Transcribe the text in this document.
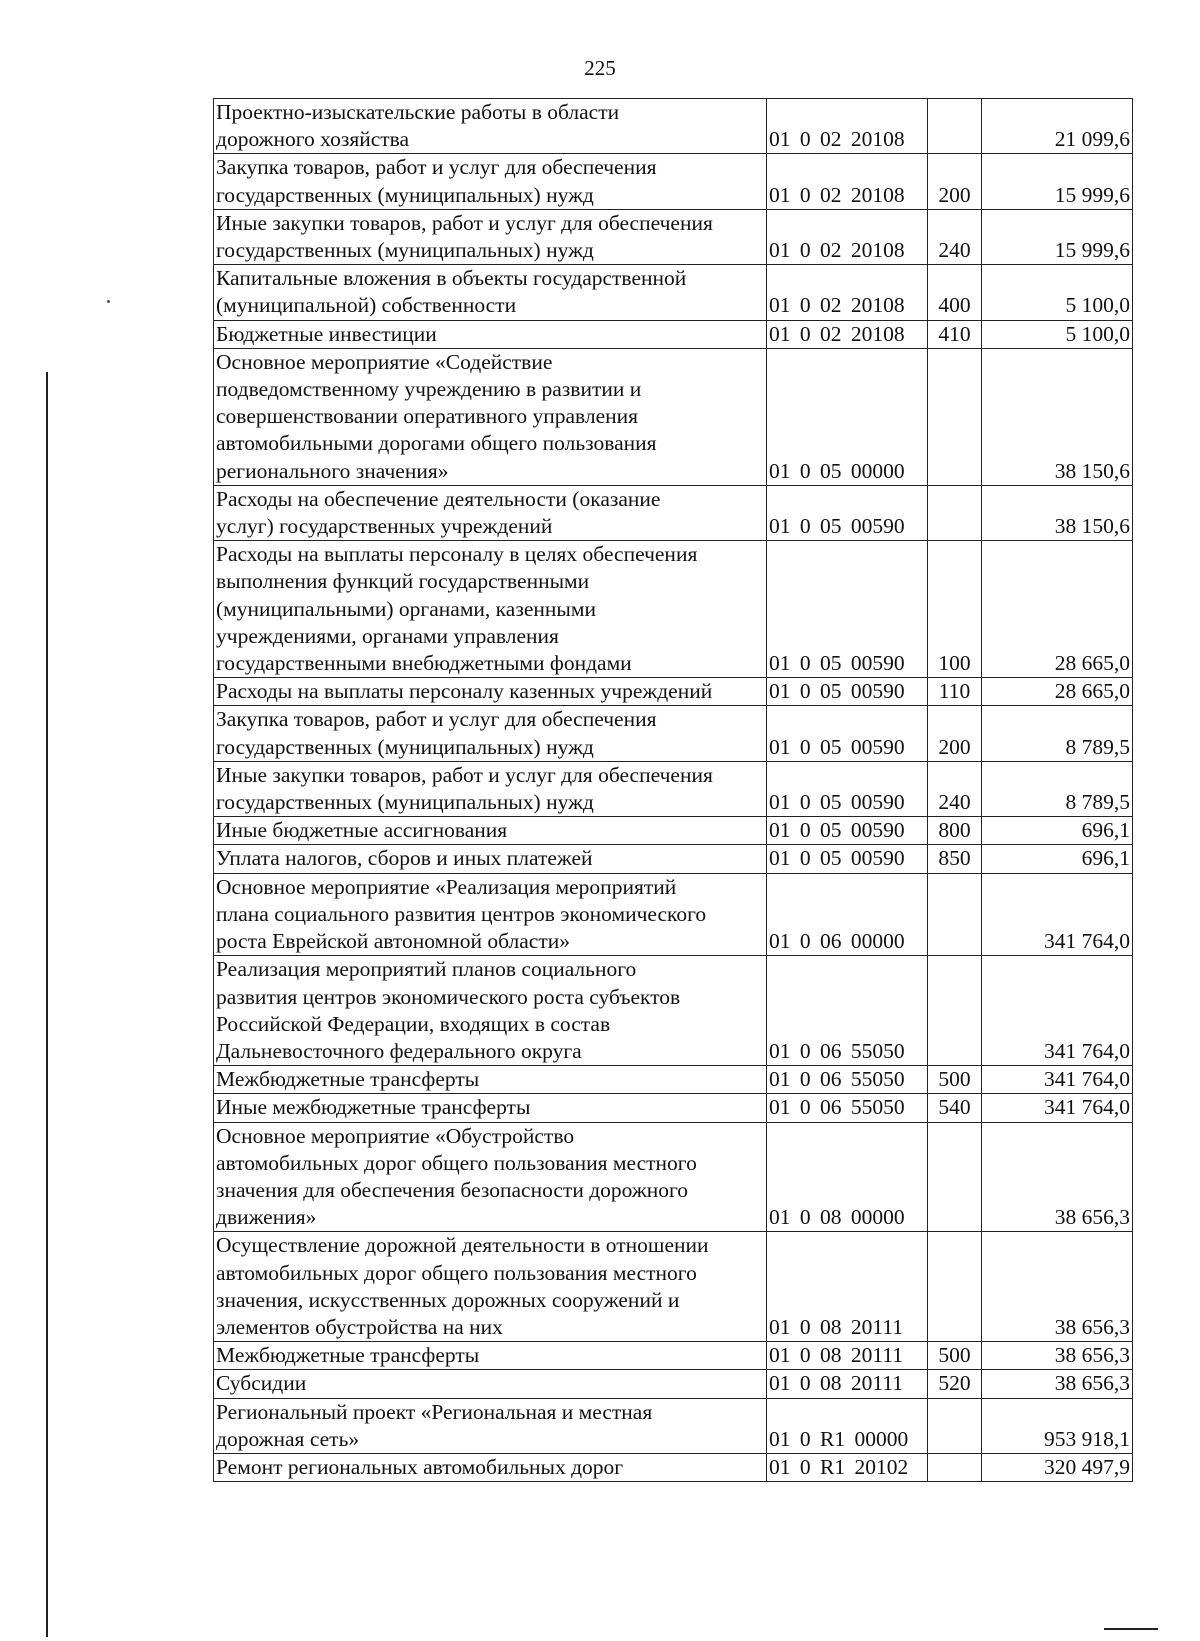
225
Проектно-изыскательские работы в области
дорожного хозяйства	01 0 02 20108		21 099,6
Закупка товаров, работ и услуг для обеспечения
государственных (муниципальных) нужд	01 0 02 20108	200	15 999,6
Иные закупки товаров, работ и услуг для обеспечения
государственных (муниципальных) нужд	01 0 02 20108	240	15 999,6
Капитальные вложения в объекты государственной
(муниципальной) собственности	01 0 02 20108	400	5 100,0
Бюджетные инвестиции	01 0 02 20108	410	5 100,0
Основное мероприятие «Содействие
подведомственному учреждению в развитии и
совершенствовании оперативного управления
автомобильными дорогами общего пользования
регионального значения»	01 0 05 00000		38 150,6
Расходы на обеспечение деятельности (оказание
услуг) государственных учреждений	01 0 05 00590		38 150,6
Расходы на выплаты персоналу в целях обеспечения
выполнения функций государственными
(муниципальными) органами, казенными
учреждениями, органами управления
государственными внебюджетными фондами	01 0 05 00590	100	28 665,0
Расходы на выплаты персоналу казенных учреждений	01 0 05 00590	110	28 665,0
Закупка товаров, работ и услуг для обеспечения
государственных (муниципальных) нужд	01 0 05 00590	200	8 789,5
Иные закупки товаров, работ и услуг для обеспечения
государственных (муниципальных) нужд	01 0 05 00590	240	8 789,5
Иные бюджетные ассигнования	01 0 05 00590	800	696,1
Уплата налогов, сборов и иных платежей	01 0 05 00590	850	696,1
Основное мероприятие «Реализация мероприятий
плана социального развития центров экономического
роста Еврейской автономной области»	01 0 06 00000		341 764,0
Реализация мероприятий планов социального
развития центров экономического роста субъектов
Российской Федерации, входящих в состав
Дальневосточного федерального округа	01 0 06 55050		341 764,0
Межбюджетные трансферты	01 0 06 55050	500	341 764,0
Иные межбюджетные трансферты	01 0 06 55050	540	341 764,0
Основное мероприятие «Обустройство
автомобильных дорог общего пользования местного
значения для обеспечения безопасности дорожного
движения»	01 0 08 00000		38 656,3
Осуществление дорожной деятельности в отношении
автомобильных дорог общего пользования местного
значения, искусственных дорожных сооружений и
элементов обустройства на них	01 0 08 20111		38 656,3
Межбюджетные трансферты	01 0 08 20111	500	38 656,3
Субсидии	01 0 08 20111	520	38 656,3
Региональный проект «Региональная и местная
дорожная сеть»	01 0 R1 00000		953 918,1
Ремонт региональных автомобильных дорог	01 0 R1 20102		320 497,9
